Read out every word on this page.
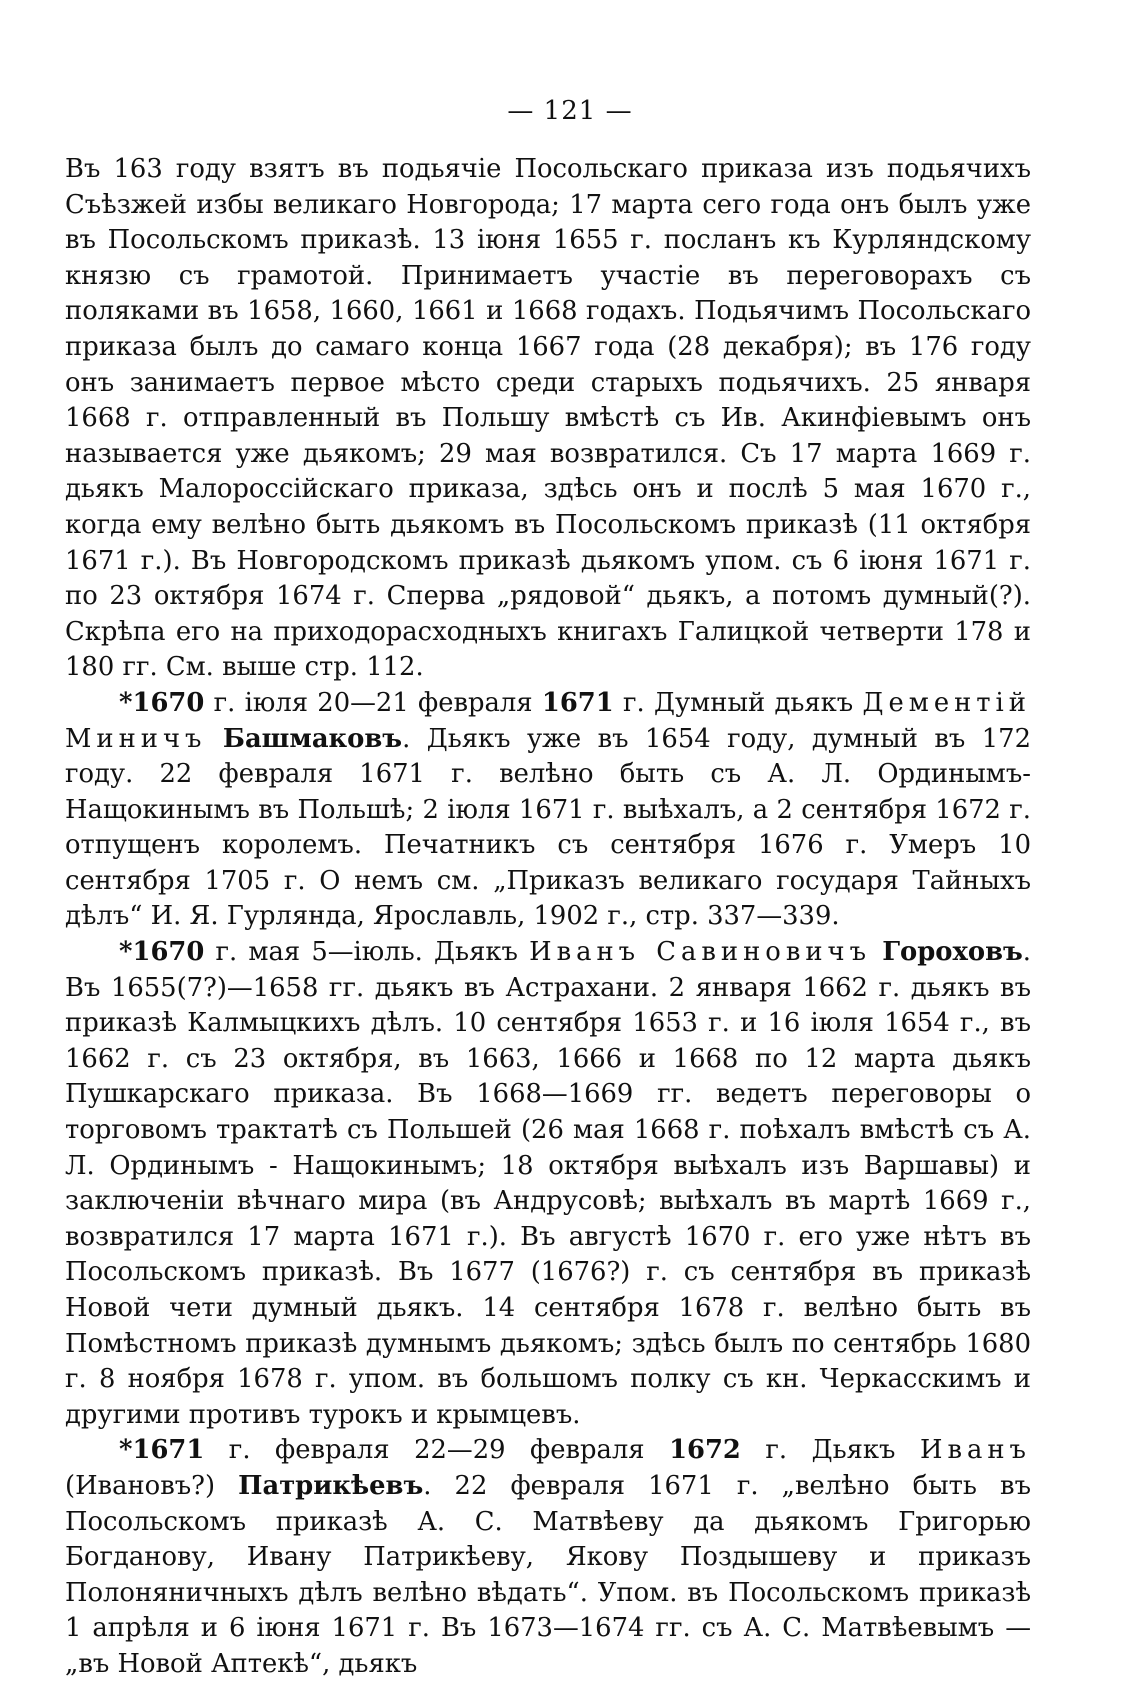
— 121 —

Въ 163 году взятъ въ подьячіе Посольскаго приказа изъ подьячихъ Съѣзжей избы великаго Новгорода; 17 марта сего года онъ былъ уже въ Посольскомъ приказѣ. 13 іюня 1655 г. посланъ къ Курляндскому князю съ грамотой. Принимаетъ участіе въ переговорахъ съ поляками въ 1658, 1660, 1661 и 1668 годахъ. Подьячимъ Посольскаго приказа былъ до самаго конца 1667 года (28 декабря); въ 176 году онъ занимаетъ первое мѣсто среди старыхъ подьячихъ. 25 января 1668 г. отправленный въ Польшу вмѣстѣ съ Ив. Акинфіевымъ онъ называется уже дьякомъ; 29 мая возвратился. Съ 17 марта 1669 г. дьякъ Малороссійскаго приказа, здѣсь онъ и послѣ 5 мая 1670 г., когда ему велѣно быть дьякомъ въ Посольскомъ приказѣ (11 октября 1671 г.). Въ Новгородскомъ приказѣ дьякомъ упом. съ 6 іюня 1671 г. по 23 октября 1674 г. Сперва „рядовой“ дьякъ, а потомъ думный(?). Скрѣпа его на приходорасходныхъ книгахъ Галицкой четверти 178 и 180 гг. См. выше стр. 112.

*1670 г. іюля 20—21 февраля 1671 г. Думный дьякъ Дементій Миничъ Башмаковъ. Дьякъ уже въ 1654 году, думный въ 172 году. 22 февраля 1671 г. велѣно быть съ А. Л. Ординымъ-Нащокинымъ въ Польшѣ; 2 іюля 1671 г. выѣхалъ, а 2 сентября 1672 г. отпущенъ королемъ. Печатникъ съ сентября 1676 г. Умеръ 10 сентября 1705 г. О немъ см. „Приказъ великаго государя Тайныхъ дѣлъ“ И. Я. Гурлянда, Ярославль, 1902 г., стр. 337—339.

*1670 г. мая 5—іюль. Дьякъ Иванъ Савиновичъ Гороховъ. Въ 1655(7?)—1658 гг. дьякъ въ Астрахани. 2 января 1662 г. дьякъ въ приказѣ Калмыцкихъ дѣлъ. 10 сентября 1653 г. и 16 іюля 1654 г., въ 1662 г. съ 23 октября, въ 1663, 1666 и 1668 по 12 марта дьякъ Пушкарскаго приказа. Въ 1668—1669 гг. ведетъ переговоры о торговомъ трактатѣ съ Польшей (26 мая 1668 г. поѣхалъ вмѣстѣ съ А. Л. Ординымъ - Нащокинымъ; 18 октября выѣхалъ изъ Варшавы) и заключеніи вѣчнаго мира (въ Андрусовѣ; выѣхалъ въ мартѣ 1669 г., возвратился 17 марта 1671 г.). Въ августѣ 1670 г. его уже нѣтъ въ Посольскомъ приказѣ. Въ 1677 (1676?) г. съ сентября въ приказѣ Новой чети думный дьякъ. 14 сентября 1678 г. велѣно быть въ Помѣстномъ приказѣ думнымъ дьякомъ; здѣсь былъ по сентябрь 1680 г. 8 ноября 1678 г. упом. въ большомъ полку съ кн. Черкасскимъ и другими противъ турокъ и крымцевъ.

*1671 г. февраля 22—29 февраля 1672 г. Дьякъ Иванъ (Ивановъ?) Патрикѣевъ. 22 февраля 1671 г. „велѣно быть въ Посольскомъ приказѣ А. С. Матвѣеву да дьякомъ Григорью Богданову, Ивану Патрикѣеву, Якову Поздышеву и приказъ Полоняничныхъ дѣлъ велѣно вѣдать“. Упом. въ Посольскомъ приказѣ 1 апрѣля и 6 іюня 1671 г. Въ 1673—1674 гг. съ А. С. Матвѣевымъ — „въ Новой Аптекѣ“, дьякъ
